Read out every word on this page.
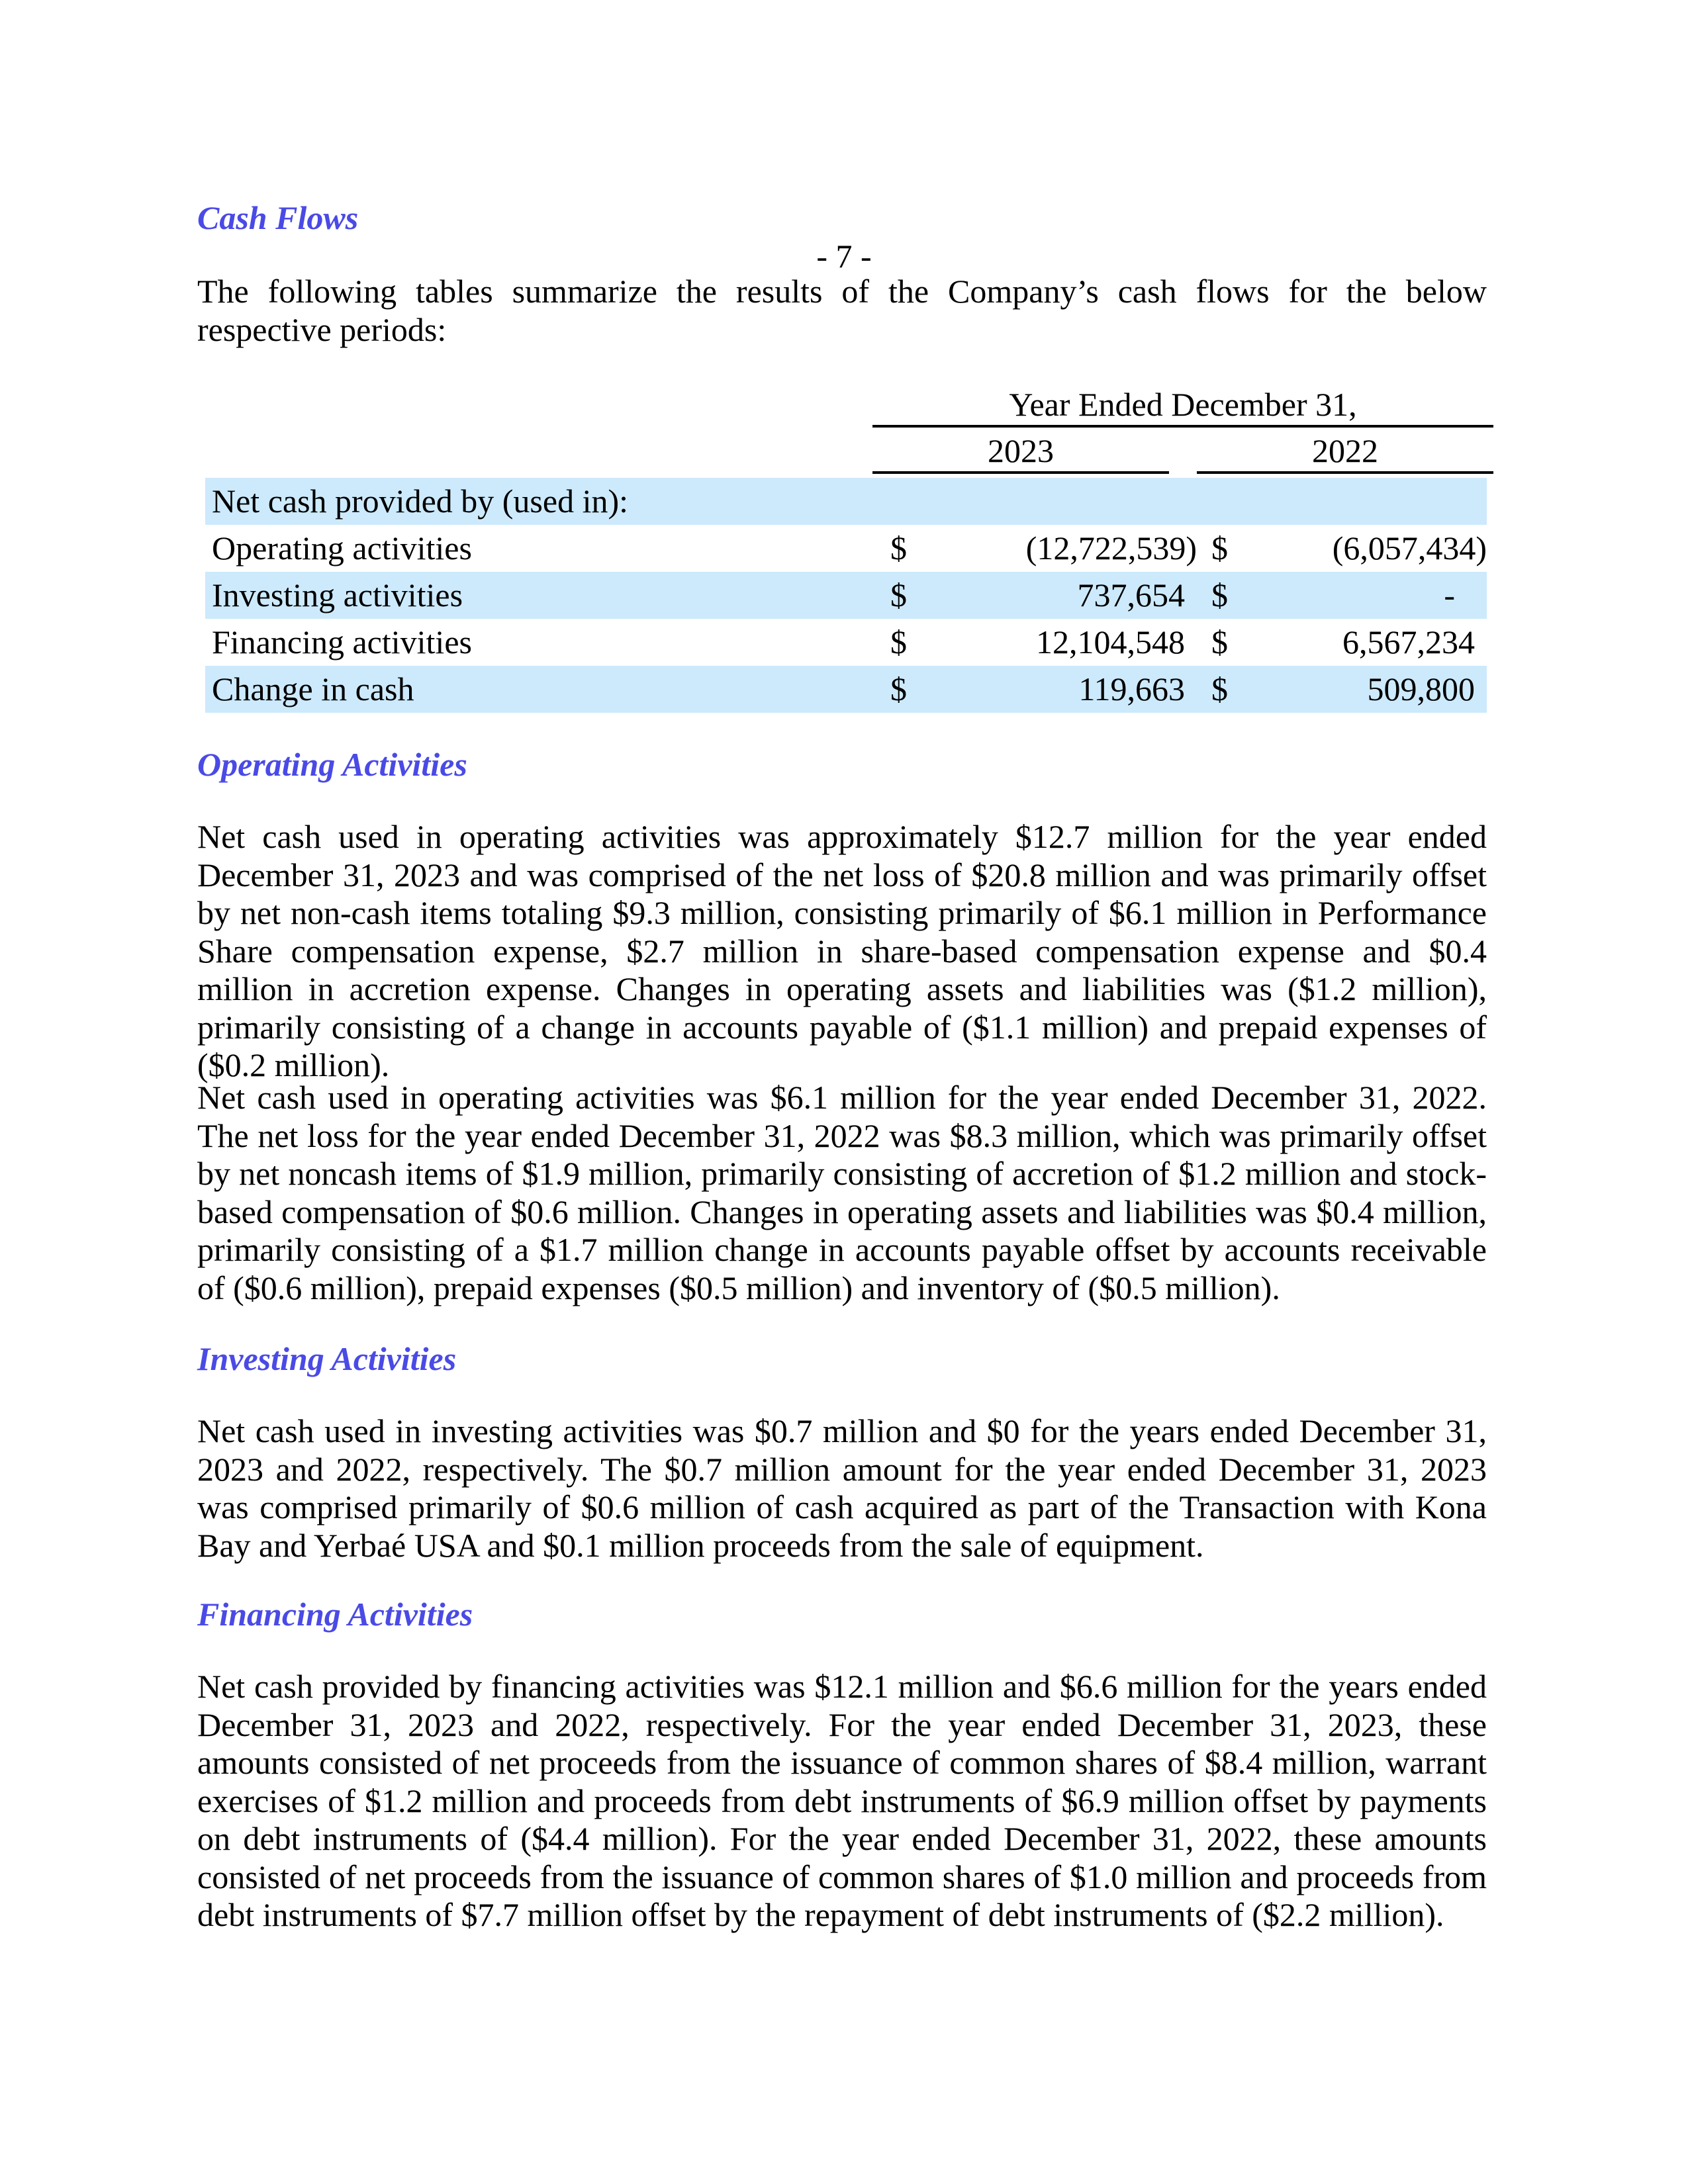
- 7 -
Cash Flows
The following tables summarize the results of the Company’s cash flows for the below respective periods:
Year Ended December 31,
2023	2022
Net cash provided by (used in):
Operating activities	$	(12,722,539) $	(6,057,434)
Investing activities	$	737,654 $	-
Financing activities	$	12,104,548 $	6,567,234
Change in cash	$	119,663 $	509,800
Operating Activities
Net cash used in operating activities was approximately $12.7 million for the year ended December 31, 2023 and was comprised of the net loss of $20.8 million and was primarily offset by net non-cash items totaling $9.3 million, consisting primarily of $6.1 million in Performance Share compensation expense, $2.7 million in share-based compensation expense and $0.4 million in accretion expense. Changes in operating assets and liabilities was ($1.2 million), primarily consisting of a change in accounts payable of ($1.1 million) and prepaid expenses of ($0.2 million).
Net cash used in operating activities was $6.1 million for the year ended December 31, 2022. The net loss for the year ended December 31, 2022 was $8.3 million, which was primarily offset by net noncash items of $1.9 million, primarily consisting of accretion of $1.2 million and stock-based compensation of $0.6 million. Changes in operating assets and liabilities was $0.4 million, primarily consisting of a $1.7 million change in accounts payable offset by accounts receivable of ($0.6 million), prepaid expenses ($0.5 million) and inventory of ($0.5 million).
Investing Activities
Net cash used in investing activities was $0.7 million and $0 for the years ended December 31, 2023 and 2022, respectively. The $0.7 million amount for the year ended December 31, 2023 was comprised primarily of $0.6 million of cash acquired as part of the Transaction with Kona Bay and Yerbaé USA and $0.1 million proceeds from the sale of equipment.
Financing Activities
Net cash provided by financing activities was $12.1 million and $6.6 million for the years ended December 31, 2023 and 2022, respectively. For the year ended December 31, 2023, these amounts consisted of net proceeds from the issuance of common shares of $8.4 million, warrant exercises of $1.2 million and proceeds from debt instruments of $6.9 million offset by payments on debt instruments of ($4.4 million). For the year ended December 31, 2022, these amounts consisted of net proceeds from the issuance of common shares of $1.0 million and proceeds from debt instruments of $7.7 million offset by the repayment of debt instruments of ($2.2 million).
